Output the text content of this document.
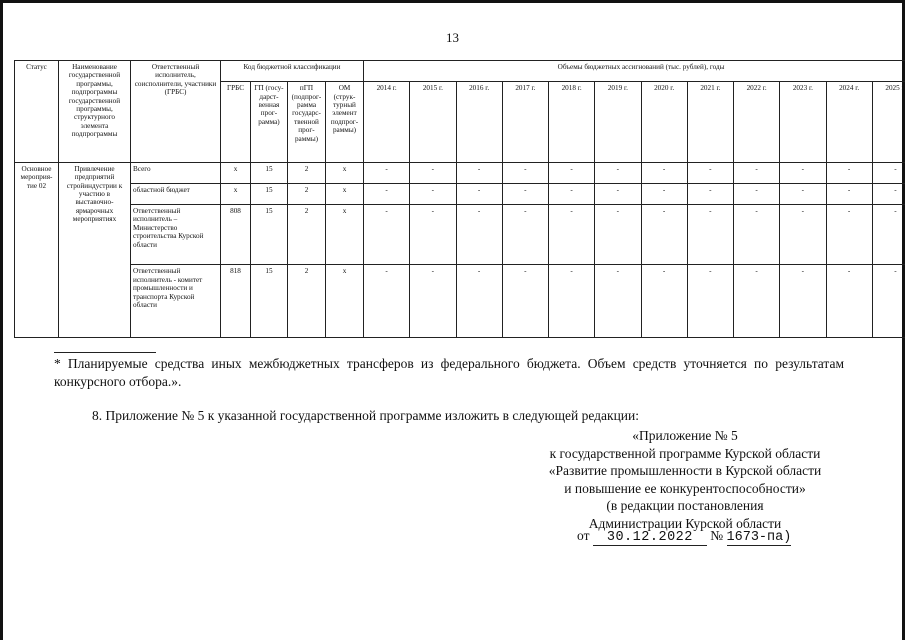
13
Статус	Наименование государственной программы, подпрограммы государственной программы, структурного элемента подпрограммы	Ответственный исполнитель, соисполнители, участники (ГРБС)	Код бюджетной классификации				Объемы бюджетных ассигнований (тыс. рублей), годы											
			ГРБС	ГП (госу-дарст-венная прог-рамма)	пГП (подпрог-рамма государс-твенной прог-раммы)	ОМ (струк-турный элемент подпрог-раммы)	2014 г.	2015 г.	2016 г.	2017 г.	2018 г.	2019 г.	2020 г.	2021 г.	2022 г.	2023 г.	2024 г.	2025 г.
Основное мероприя-тие 02	Привлечение предприятий стройиндустрии к участию в выставочно-ярмарочных мероприятиях	Всего	x	15	2	x	-	-	-	-	-	-	-	-	-	-	-	-
		областной бюджет	x	15	2	x	-	-	-	-	-	-	-	-	-	-	-	-
		Ответственный исполнитель – Министерство строительства Курской области	808	15	2	x	-	-	-	-	-	-	-	-	-	-	-	-
		Ответственный исполнитель - комитет промышленности и транспорта Курской области	818	15	2	x	-	-	-	-	-	-	-	-	-	-	-	-
* Планируемые средства иных межбюджетных трансферов из федерального бюджета. Объем средств уточняется по результатам конкурсного отбора.».
8. Приложение № 5 к указанной государственной программе изложить в следующей редакции:
«Приложение № 5
к государственной программе Курской области
«Развитие промышленности в Курской области
и повышение ее конкурентоспособности»
(в редакции постановления
Администрации Курской области
от 30.12.2022 № 1673-па)
